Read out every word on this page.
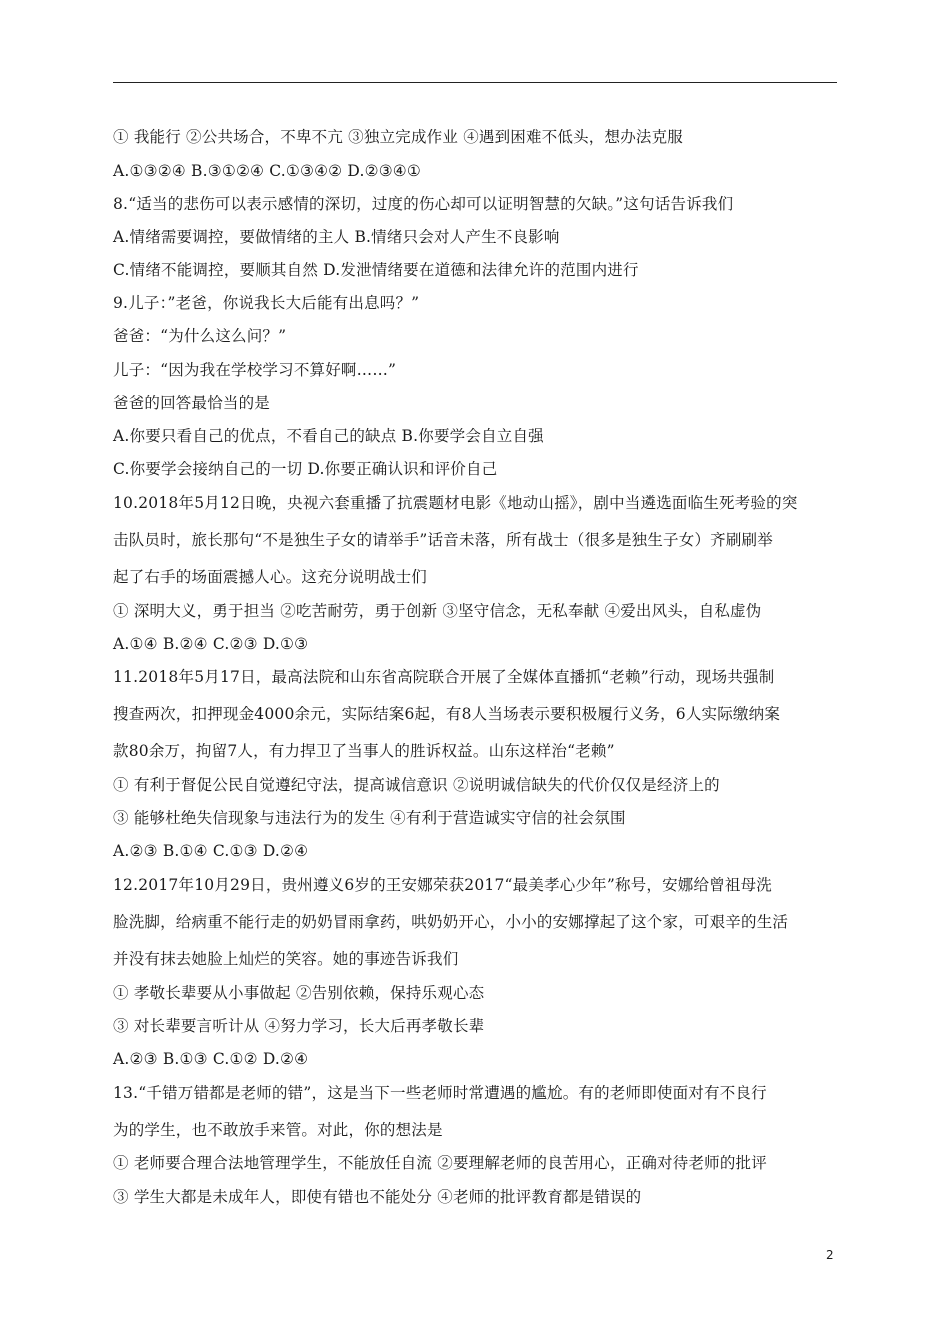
① 我能行 ②公共场合，不卑不亢 ③独立完成作业 ④遇到困难不低头，想办法克服
A.①③②④ B.③①②④ C.①③④② D.②③④①
8.“适当的悲伤可以表示感情的深切，过度的伤心却可以证明智慧的欠缺。”这句话告诉我们
A.情绪需要调控，要做情绪的主人 B.情绪只会对人产生不良影响
C.情绪不能调控，要顺其自然 D.发泄情绪要在道德和法律允许的范围内进行
9.儿子：”老爸，你说我长大后能有出息吗？”
爸爸：“为什么这么问？”
儿子：“因为我在学校学习不算好啊……”
爸爸的回答最恰当的是
A.你要只看自己的优点，不看自己的缺点 B.你要学会自立自强
C.你要学会接纳自己的一切 D.你要正确认识和评价自己
10.2018年5月12日晚，央视六套重播了抗震题材电影《地动山摇》，剧中当遴选面临生死考验的突
击队员时，旅长那句“不是独生子女的请举手”话音未落，所有战士（很多是独生子女）齐刷刷举
起了右手的场面震撼人心。这充分说明战士们
① 深明大义，勇于担当 ②吃苦耐劳，勇于创新 ③坚守信念，无私奉献 ④爱出风头，自私虚伪
A.①④ B.②④ C.②③ D.①③
11.2018年5月17日，最高法院和山东省高院联合开展了全媒体直播抓“老赖”行动，现场共强制
搜查两次，扣押现金4000余元，实际结案6起，有8人当场表示要积极履行义务，6人实际缴纳案
款80余万，拘留7人，有力捍卫了当事人的胜诉权益。山东这样治“老赖”
① 有利于督促公民自觉遵纪守法，提高诚信意识 ②说明诚信缺失的代价仅仅是经济上的
③ 能够杜绝失信现象与违法行为的发生 ④有利于营造诚实守信的社会氛围
A.②③ B.①④ C.①③ D.②④
12.2017年10月29日，贵州遵义6岁的王安娜荣获2017“最美孝心少年”称号，安娜给曾祖母洗
脸洗脚，给病重不能行走的奶奶冒雨拿药，哄奶奶开心，小小的安娜撑起了这个家，可艰辛的生活
并没有抹去她脸上灿烂的笑容。她的事迹告诉我们
① 孝敬长辈要从小事做起 ②告别依赖，保持乐观心态
③ 对长辈要言听计从 ④努力学习，长大后再孝敬长辈
A.②③ B.①③ C.①② D.②④
13.“千错万错都是老师的错”，这是当下一些老师时常遭遇的尴尬。有的老师即使面对有不良行
为的学生，也不敢放手来管。对此，你的想法是
① 老师要合理合法地管理学生，不能放任自流 ②要理解老师的良苦用心，正确对待老师的批评
③ 学生大都是未成年人，即使有错也不能处分 ④老师的批评教育都是错误的
2
